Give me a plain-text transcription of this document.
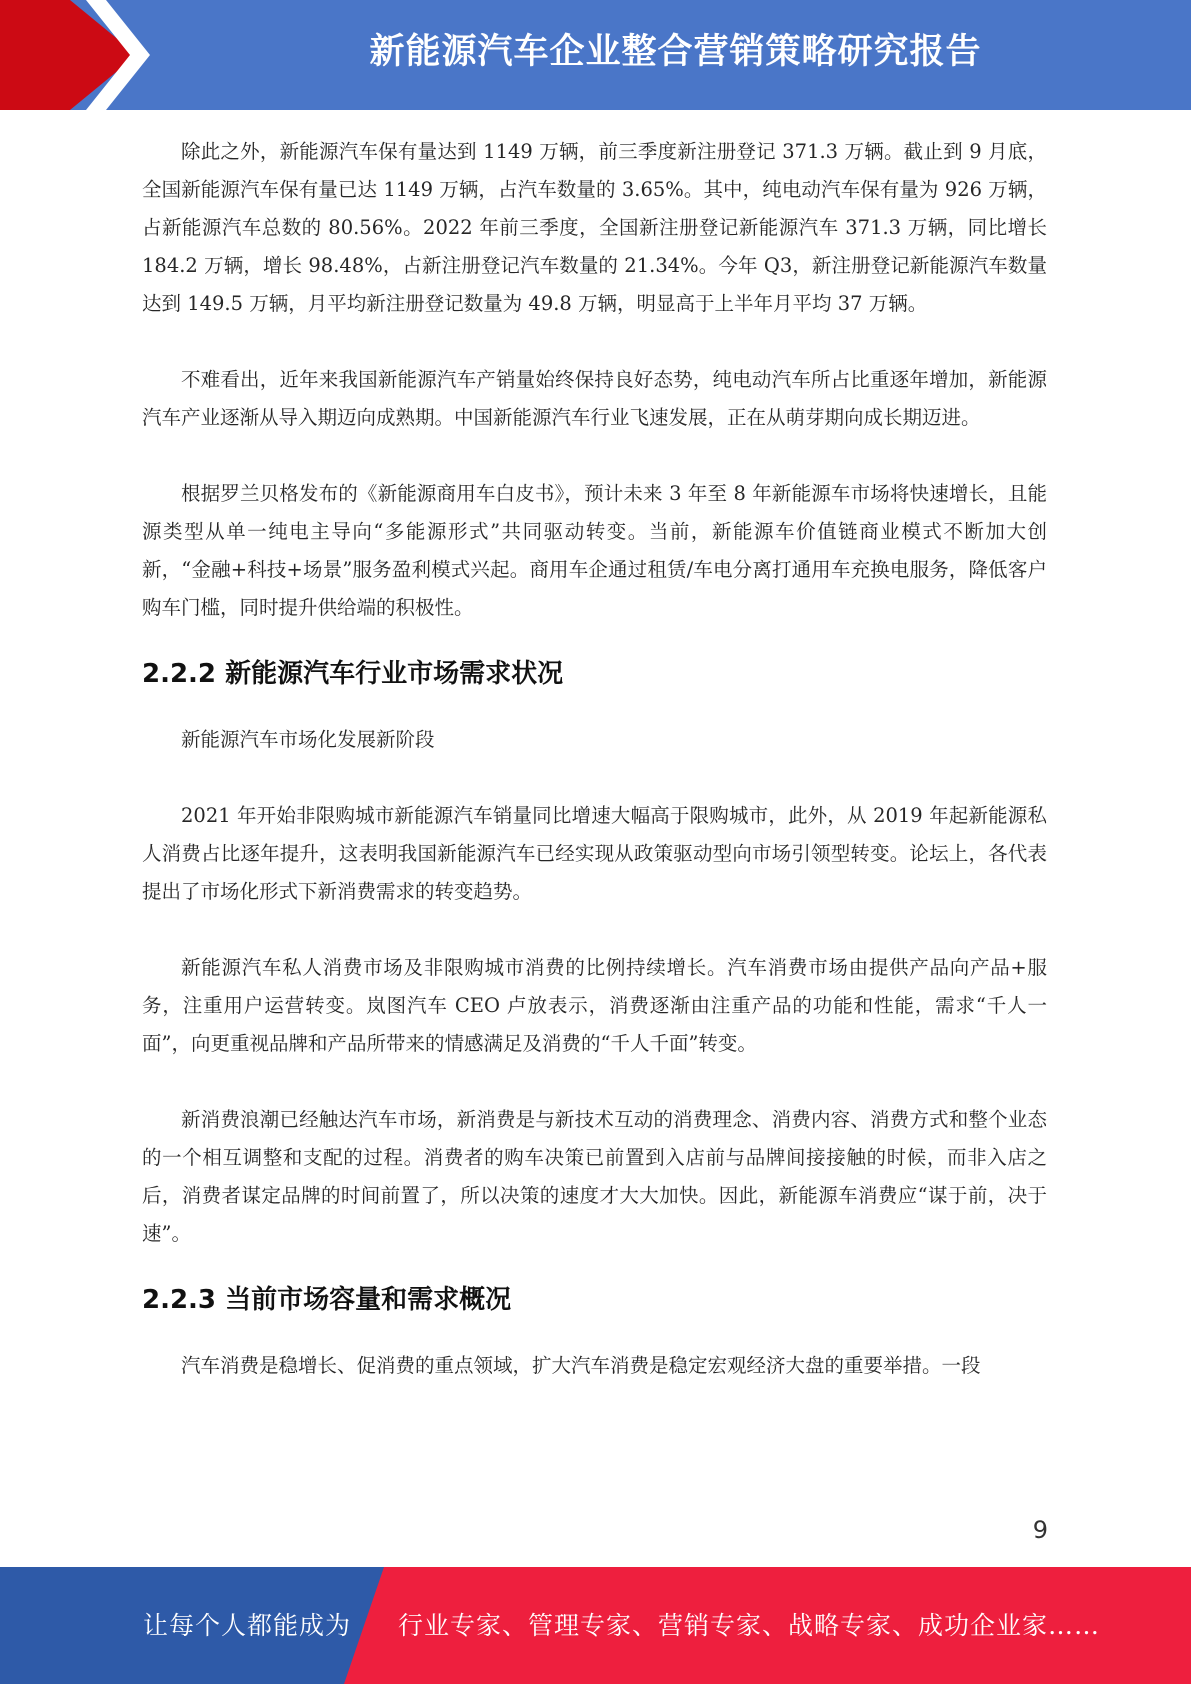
新能源汽车企业整合营销策略研究报告

除此之外，新能源汽车保有量达到 1149 万辆，前三季度新注册登记 371.3 万辆。截止到 9 月底，全国新能源汽车保有量已达 1149 万辆，占汽车数量的 3.65%。其中，纯电动汽车保有量为 926 万辆，占新能源汽车总数的 80.56%。2022 年前三季度，全国新注册登记新能源汽车 371.3 万辆，同比增长 184.2 万辆，增长 98.48%，占新注册登记汽车数量的 21.34%。今年 Q3，新注册登记新能源汽车数量达到 149.5 万辆，月平均新注册登记数量为 49.8 万辆，明显高于上半年月平均 37 万辆。

不难看出，近年来我国新能源汽车产销量始终保持良好态势，纯电动汽车所占比重逐年增加，新能源汽车产业逐渐从导入期迈向成熟期。中国新能源汽车行业飞速发展，正在从萌芽期向成长期迈进。

根据罗兰贝格发布的《新能源商用车白皮书》，预计未来 3 年至 8 年新能源车市场将快速增长，且能源类型从单一纯电主导向“多能源形式”共同驱动转变。当前，新能源车价值链商业模式不断加大创新，“金融+科技+场景”服务盈利模式兴起。商用车企通过租赁/车电分离打通用车充换电服务，降低客户购车门槛，同时提升供给端的积极性。

2.2.2 新能源汽车行业市场需求状况

新能源汽车市场化发展新阶段

2021 年开始非限购城市新能源汽车销量同比增速大幅高于限购城市，此外，从 2019 年起新能源私人消费占比逐年提升，这表明我国新能源汽车已经实现从政策驱动型向市场引领型转变。论坛上，各代表提出了市场化形式下新消费需求的转变趋势。

新能源汽车私人消费市场及非限购城市消费的比例持续增长。汽车消费市场由提供产品向产品+服务，注重用户运营转变。岚图汽车 CEO 卢放表示，消费逐渐由注重产品的功能和性能，需求“千人一面”，向更重视品牌和产品所带来的情感满足及消费的“千人千面”转变。

新消费浪潮已经触达汽车市场，新消费是与新技术互动的消费理念、消费内容、消费方式和整个业态的一个相互调整和支配的过程。消费者的购车决策已前置到入店前与品牌间接接触的时候，而非入店之后，消费者谋定品牌的时间前置了，所以决策的速度才大大加快。因此，新能源车消费应“谋于前，决于速”。

2.2.3 当前市场容量和需求概况

汽车消费是稳增长、促消费的重点领域，扩大汽车消费是稳定宏观经济大盘的重要举措。一段

9
让每个人都能成为 行业专家、管理专家、营销专家、战略专家、成功企业家……
